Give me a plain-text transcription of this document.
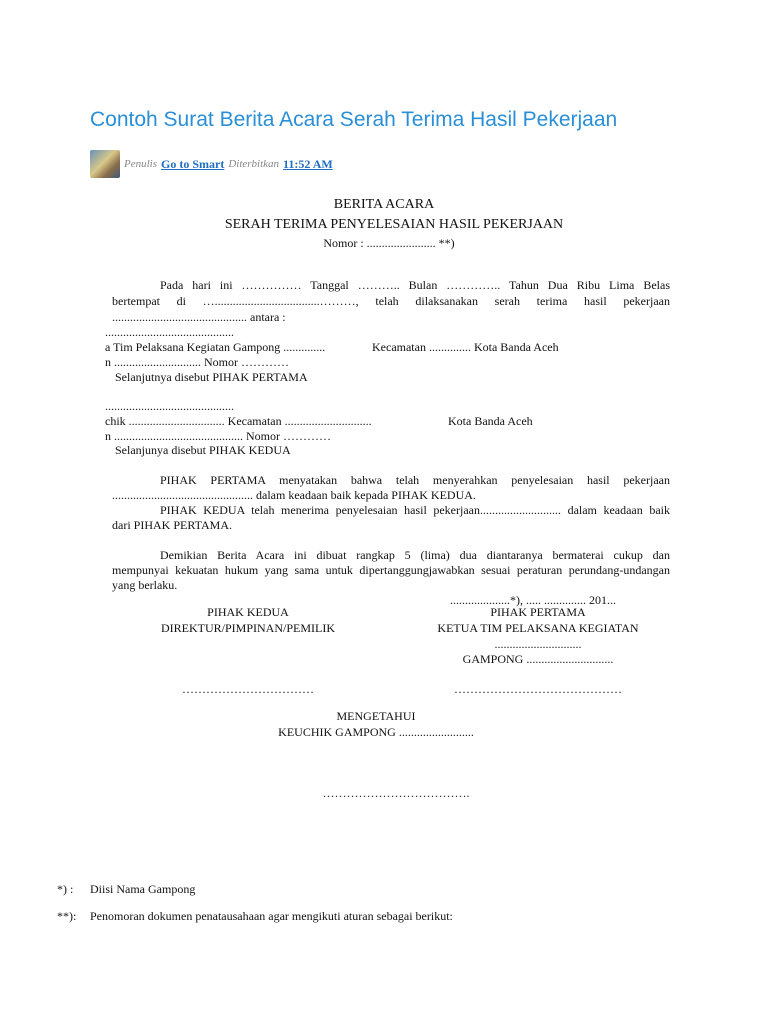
Contoh Surat Berita Acara Serah Terima Hasil Pekerjaan
Penulis Go to Smart Diterbitkan 11:52 AM
BERITA ACARA
SERAH TERIMA PENYELESAIAN HASIL PEKERJAAN
Nomor : ....................... **)
Pada hari ini …………… Tanggal ……….. Bulan ………….. Tahun Dua Ribu Lima Belas
bertempat di …...................................………, telah dilaksanakan serah terima hasil pekerjaan
............................................. antara :
...........................................
a Tim Pelaksana Kegiatan Gampong ..............	Kecamatan .............. Kota Banda Aceh
n ............................. Nomor …………
Selanjutnya disebut PIHAK PERTAMA
...........................................
chik ................................ Kecamatan .............................	Kota Banda Aceh
n ........................................... Nomor …………
Selanjunya disebut PIHAK KEDUA
PIHAK PERTAMA menyatakan bahwa telah menyerahkan penyelesaian hasil pekerjaan
............................................... dalam keadaan baik kepada PIHAK KEDUA.
PIHAK KEDUA telah menerima penyelesaian hasil pekerjaan........................... dalam keadaan baik
dari PIHAK PERTAMA.
Demikian Berita Acara ini dibuat rangkap 5 (lima) dua diantaranya bermaterai cukup dan
mempunyai kekuatan hukum yang sama untuk dipertanggungjawabkan sesuai peraturan perundang-undangan
yang berlaku.
....................*), ..... .............. 201...
PIHAK KEDUA
DIREKTUR/PIMPINAN/PEMILIK
PIHAK PERTAMA
KETUA TIM PELAKSANA KEGIATAN
.............................
GAMPONG .............................
……………………………	……………………………………
MENGETAHUI
KEUCHIK GAMPONG .........................
……………………………….
*) : Diisi Nama Gampong
**): Penomoran dokumen penatausahaan agar mengikuti aturan sebagai berikut:
